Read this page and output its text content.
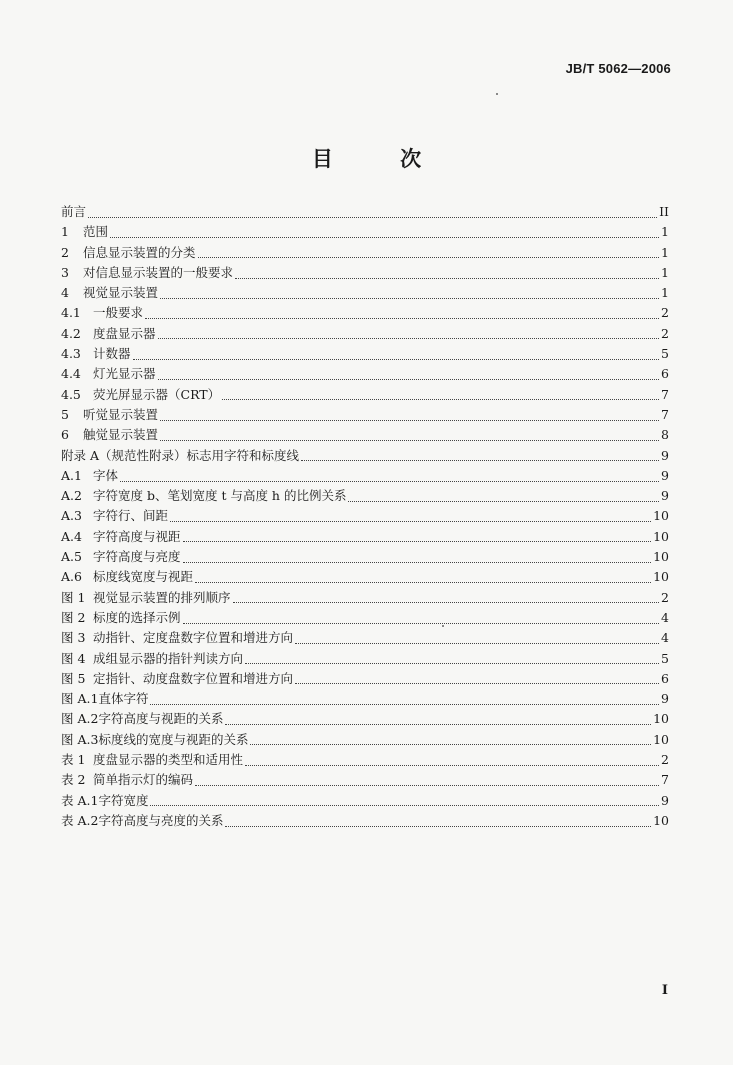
JB/T 5062—2006
目 次
前言	II
1 范围	1
2 信息显示装置的分类	1
3 对信息显示装置的一般要求	1
4 视觉显示装置	1
4.1 一般要求	2
4.2 度盘显示器	2
4.3 计数器	5
4.4 灯光显示器	6
4.5 荧光屏显示器（CRT）	7
5 听觉显示装置	7
6 触觉显示装置	8
附录 A（规范性附录）标志用字符和标度线	9
A.1 字体	9
A.2 字符宽度 b、笔划宽度 t 与高度 h 的比例关系	9
A.3 字符行、间距	10
A.4 字符高度与视距	10
A.5 字符高度与亮度	10
A.6 标度线宽度与视距	10
图 1 视觉显示装置的排列顺序	2
图 2 标度的选择示例	4
图 3 动指针、定度盘数字位置和增进方向	4
图 4 成组显示器的指针判读方向	5
图 5 定指针、动度盘数字位置和增进方向	6
图 A.1直体字符	9
图 A.2字符高度与视距的关系	10
图 A.3标度线的宽度与视距的关系	10
表 1 度盘显示器的类型和适用性	2
表 2 简单指示灯的编码	7
表 A.1字符宽度	9
表 A.2字符高度与亮度的关系	10
I
